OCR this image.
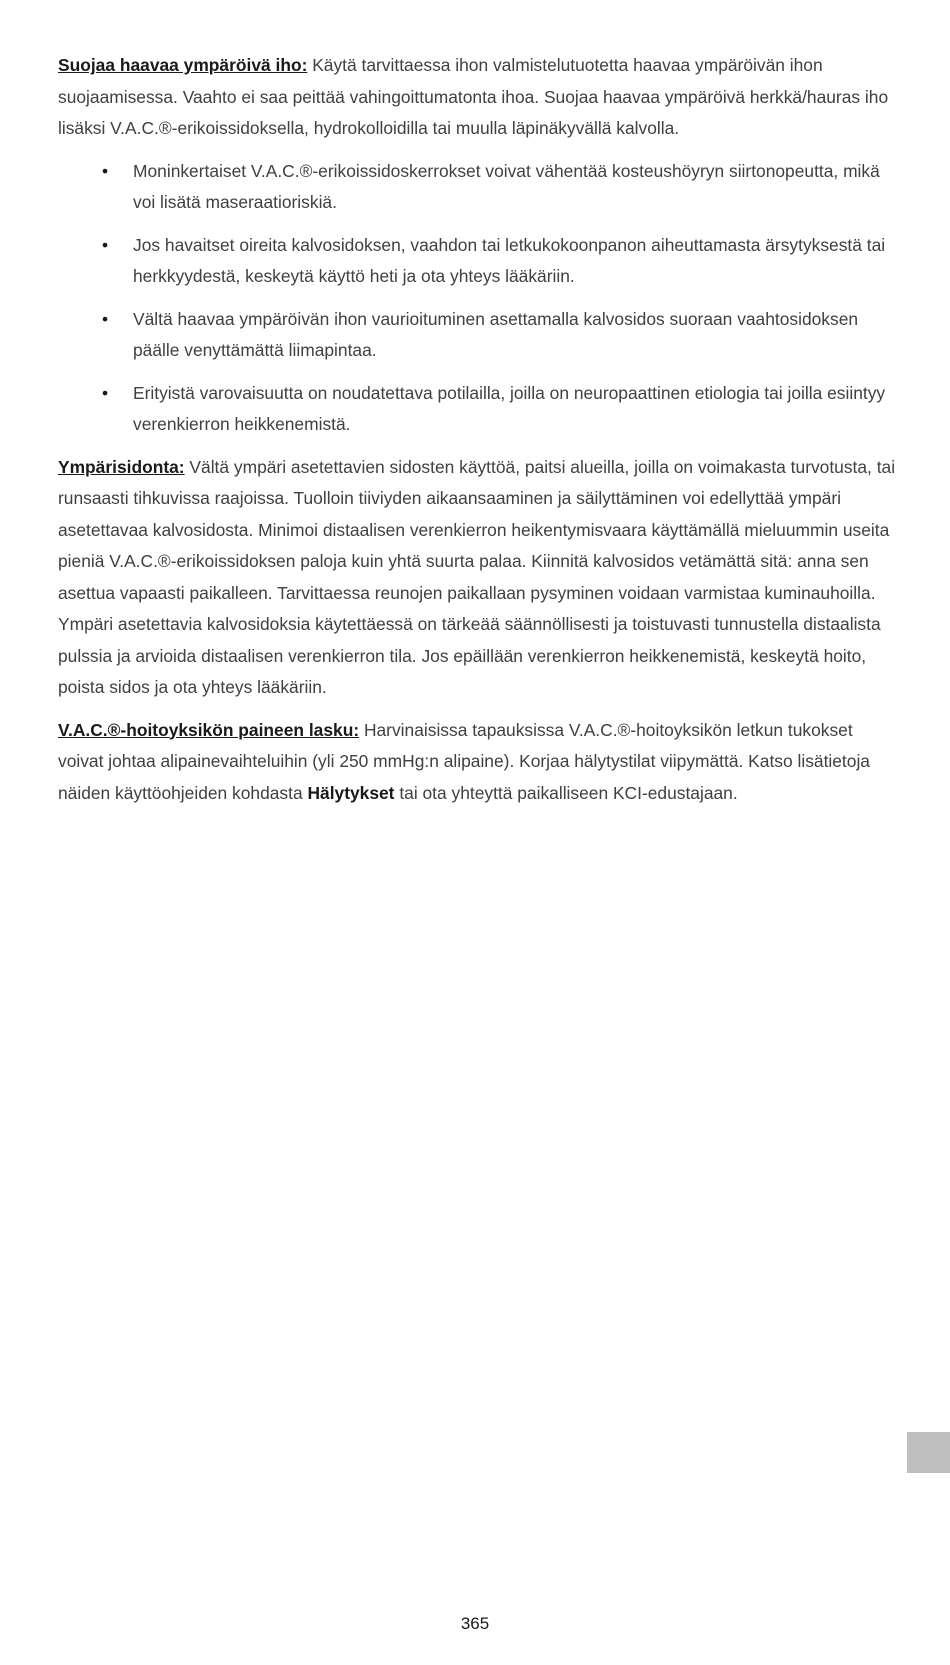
Suojaa haavaa ympäröivä iho: Käytä tarvittaessa ihon valmistelutuotetta haavaa ympäröivän ihon suojaamisessa. Vaahto ei saa peittää vahingoittumatonta ihoa. Suojaa haavaa ympäröivä herkkä/hauras iho lisäksi V.A.C.®-erikoissidoksella, hydrokolloidilla tai muulla läpinäkyvällä kalvolla.

• Moninkertaiset V.A.C.®-erikoissidoskerrokset voivat vähentää kosteushöyryn siirtonopeutta, mikä voi lisätä maseraatioriskiä.
• Jos havaitset oireita kalvosidoksen, vaahdon tai letkukokoonpanon aiheuttamasta ärsytyksestä tai herkkyydestä, keskeytä käyttö heti ja ota yhteys lääkäriin.
• Vältä haavaa ympäröivän ihon vaurioituminen asettamalla kalvosidos suoraan vaahtosidoksen päälle venyttämättä liimapintaa.
• Erityistä varovaisuutta on noudatettava potilailla, joilla on neuropaattinen etiologia tai joilla esiintyy verenkierron heikkenemistä.

Ympärisidonta: Vältä ympäri asetettavien sidosten käyttöä, paitsi alueilla, joilla on voimakasta turvotusta, tai runsaasti tihkuvissa raajoissa. Tuolloin tiiviyden aikaansaaminen ja säilyttäminen voi edellyttää ympäri asetettavaa kalvosidosta. Minimoi distaalisen verenkierron heikentymisvaara käyttämällä mieluummin useita pieniä V.A.C.®-erikoissidoksen paloja kuin yhtä suurta palaa. Kiinnitä kalvosidos vetämättä sitä: anna sen asettua vapaasti paikalleen. Tarvittaessa reunojen paikallaan pysyminen voidaan varmistaa kuminauhoilla. Ympäri asetettavia kalvosidoksia käytettäessä on tärkeää säännöllisesti ja toistuvasti tunnustella distaalista pulssia ja arvioida distaalisen verenkierron tila. Jos epäillään verenkierron heikkenemistä, keskeytä hoito, poista sidos ja ota yhteys lääkäriin.

V.A.C.®-hoitoyksikön paineen lasku: Harvinaisissa tapauksissa V.A.C.®-hoitoyksikön letkun tukokset voivat johtaa alipainevaihteluihin (yli 250 mmHg:n alipaine). Korjaa hälytystilat viipymättä. Katso lisätietoja näiden käyttöohjeiden kohdasta Hälytykset tai ota yhteyttä paikalliseen KCI-edustajaan.

365
